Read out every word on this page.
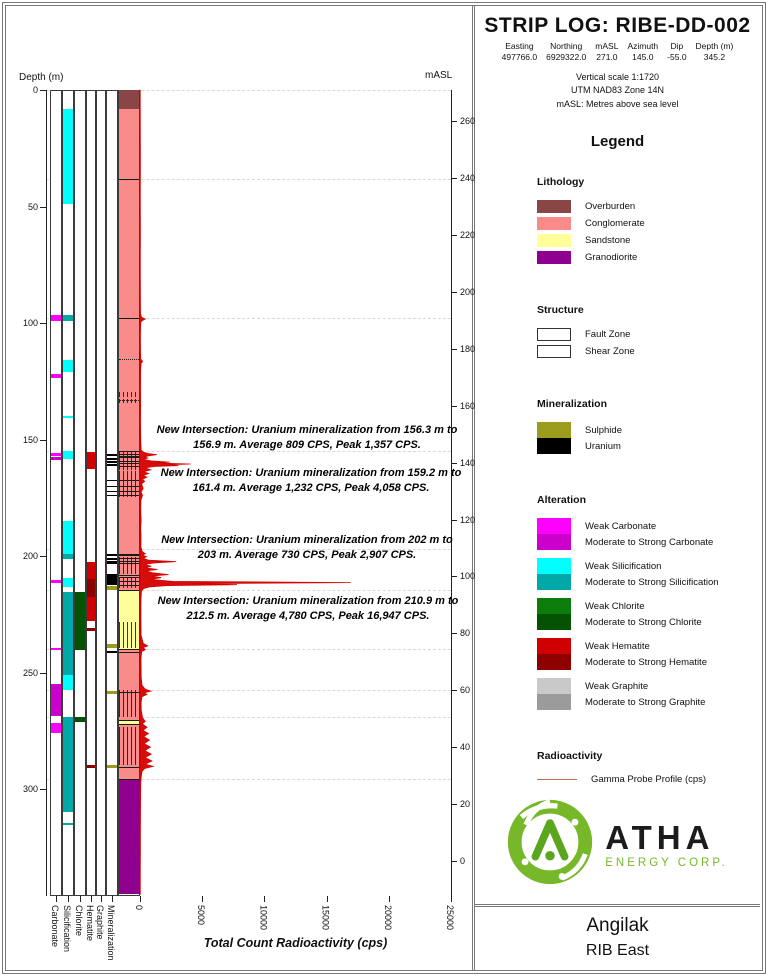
Depth (m)	mASL
0
50
100
150
200
250
300
260
240
220
200
180
160
140
120
100
80
60
40
20
0
0	5000	10000	15000	20000	25000
Carbonate Silicification Chlorite Hematite Graphite Mineralization
New Intersection: Uranium mineralization from 156.3 m to 156.9 m. Average 809 CPS, Peak 1,357 CPS.
New Intersection: Uranium mineralization from 159.2 m to 161.4 m. Average 1,232 CPS, Peak 4,058 CPS.
New Intersection: Uranium mineralization from 202 m to 203 m. Average 730 CPS, Peak 2,907 CPS.
New Intersection: Uranium mineralization from 210.9 m to 212.5 m. Average 4,780 CPS, Peak 16,947 CPS.
Total Count Radioactivity (cps)
STRIP LOG: RIBE-DD-002
Easting
497766.0
Northing
6929322.0
mASL
271.0
Azimuth
145.0
Dip
-55.0
Depth (m)
345.2
Vertical scale 1:1720
UTM NAD83 Zone 14N
mASL: Metres above sea level
Legend
Lithology
Overburden
Conglomerate
Sandstone
Granodiorite
Structure
Fault Zone
Shear Zone
Mineralization
Sulphide
Uranium
Alteration
Weak Carbonate
Moderate to Strong Carbonate
Weak Silicification
Moderate to Strong Silicification
Weak Chlorite
Moderate to Strong Chlorite
Weak Hematite
Moderate to Strong Hematite
Weak Graphite
Moderate to Strong Graphite
Radioactivity
Gamma Probe Profile (cps)
ATHA
ENERGY CORP.
Angilak
RIB East
